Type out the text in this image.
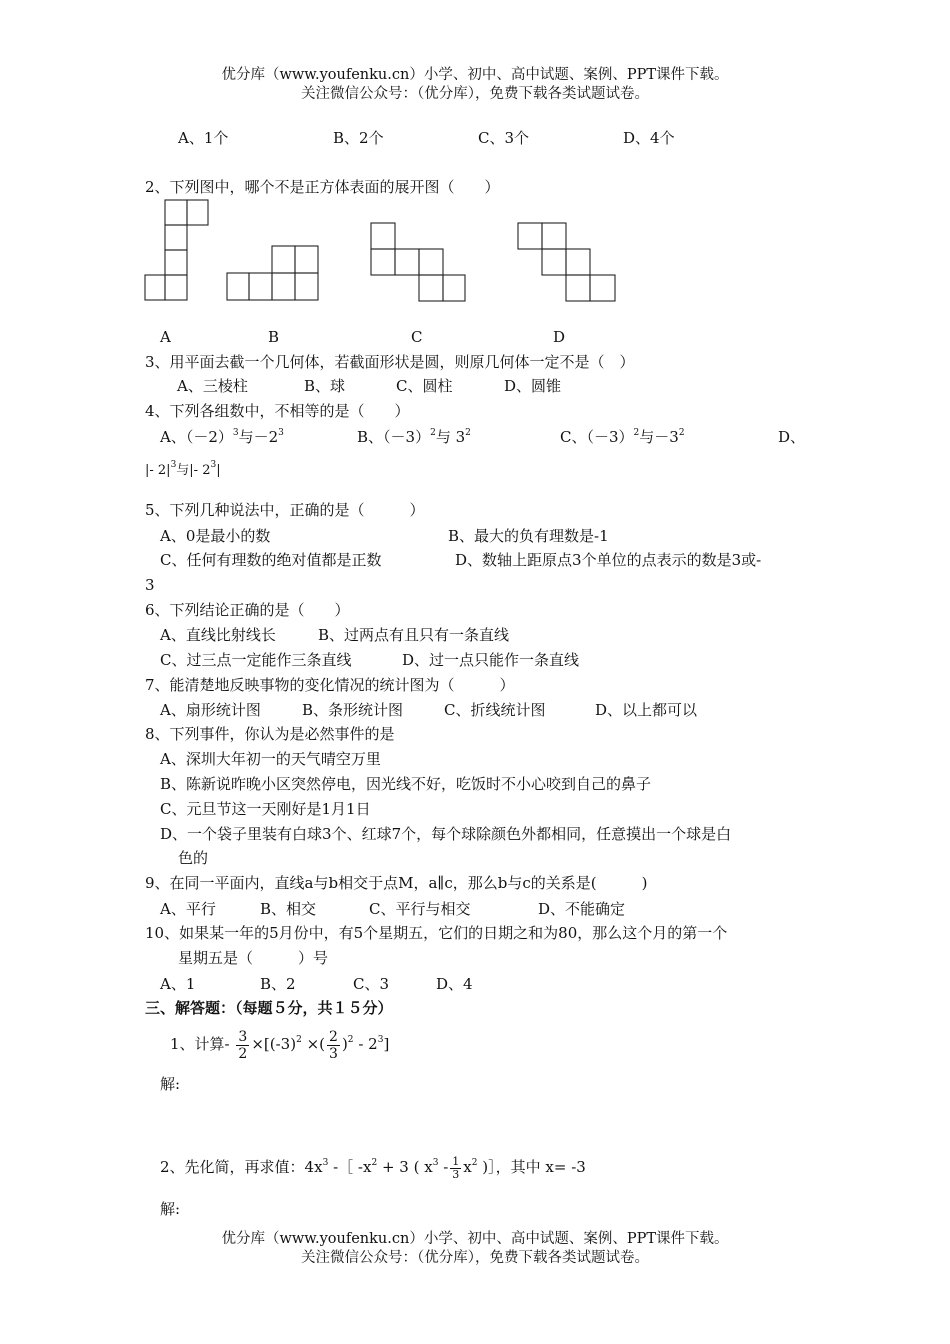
优分库（www.youfenku.cn）小学、初中、高中试题、案例、PPT课件下载。
关注微信公众号：（优分库），免费下载各类试题试卷。
A、1个	B、2个	C、3个	D、4个
2、下列图中，哪个不是正方体表面的展开图（　　）
A	B	C	D
3、用平面去截一个几何体，若截面形状是圆，则原几何体一定不是（　）
A、三棱柱	B、球	C、圆柱	D、圆锥
4、下列各组数中，不相等的是（　　）
A、$(-2)^3$与$-2^3$	B、$(-3)^2$与 $3^2$	C、$(-3)^2$与$-3^2$	D、
|- $2|^3$与|- $2^3|$
5、下列几种说法中，正确的是（　　　）
A、0是最小的数	B、最大的负有理数是-1
C、任何有理数的绝对值都是正数	D、数轴上距原点3个单位的点表示的数是3或-
3
6、下列结论正确的是（　　）
A、直线比射线长	B、过两点有且只有一条直线
C、过三点一定能作三条直线	D、过一点只能作一条直线
7、能清楚地反映事物的变化情况的统计图为（　　　）
A、扇形统计图	B、条形统计图	C、折线统计图	D、以上都可以
8、下列事件，你认为是必然事件的是
A、深圳大年初一的天气晴空万里
B、陈新说昨晚小区突然停电，因光线不好，吃饭时不小心咬到自己的鼻子
C、元旦节这一天刚好是1月1日
D、一个袋子里装有白球3个、红球7个，每个球除颜色外都相同，任意摸出一个球是白
色的
9、在同一平面内，直线a与b相交于点M，a∥c，那么b与c的关系是(　　　)
A、平行	B、相交	C、平行与相交	D、不能确定
10、如果某一年的5月份中，有5个星期五，它们的日期之和为80，那么这个月的第一个
星期五是（　　　）号
A、1	B、2	C、3	D、4
三、解答题：（每题５分，共１５分）
1、计算- $\frac{3}{2} \times[(-3)^2$ ×( $\frac{2}{3} )^2 - 2^3$]
解:
2、先化简，再求值：$4x^3$ -［ $-x^2 + 3$ ( $x^3 - \frac{1}{3} x^2$ )］，其中 x= -3
解:
优分库（www.youfenku.cn）小学、初中、高中试题、案例、PPT课件下载。
关注微信公众号：（优分库），免费下载各类试题试卷。
